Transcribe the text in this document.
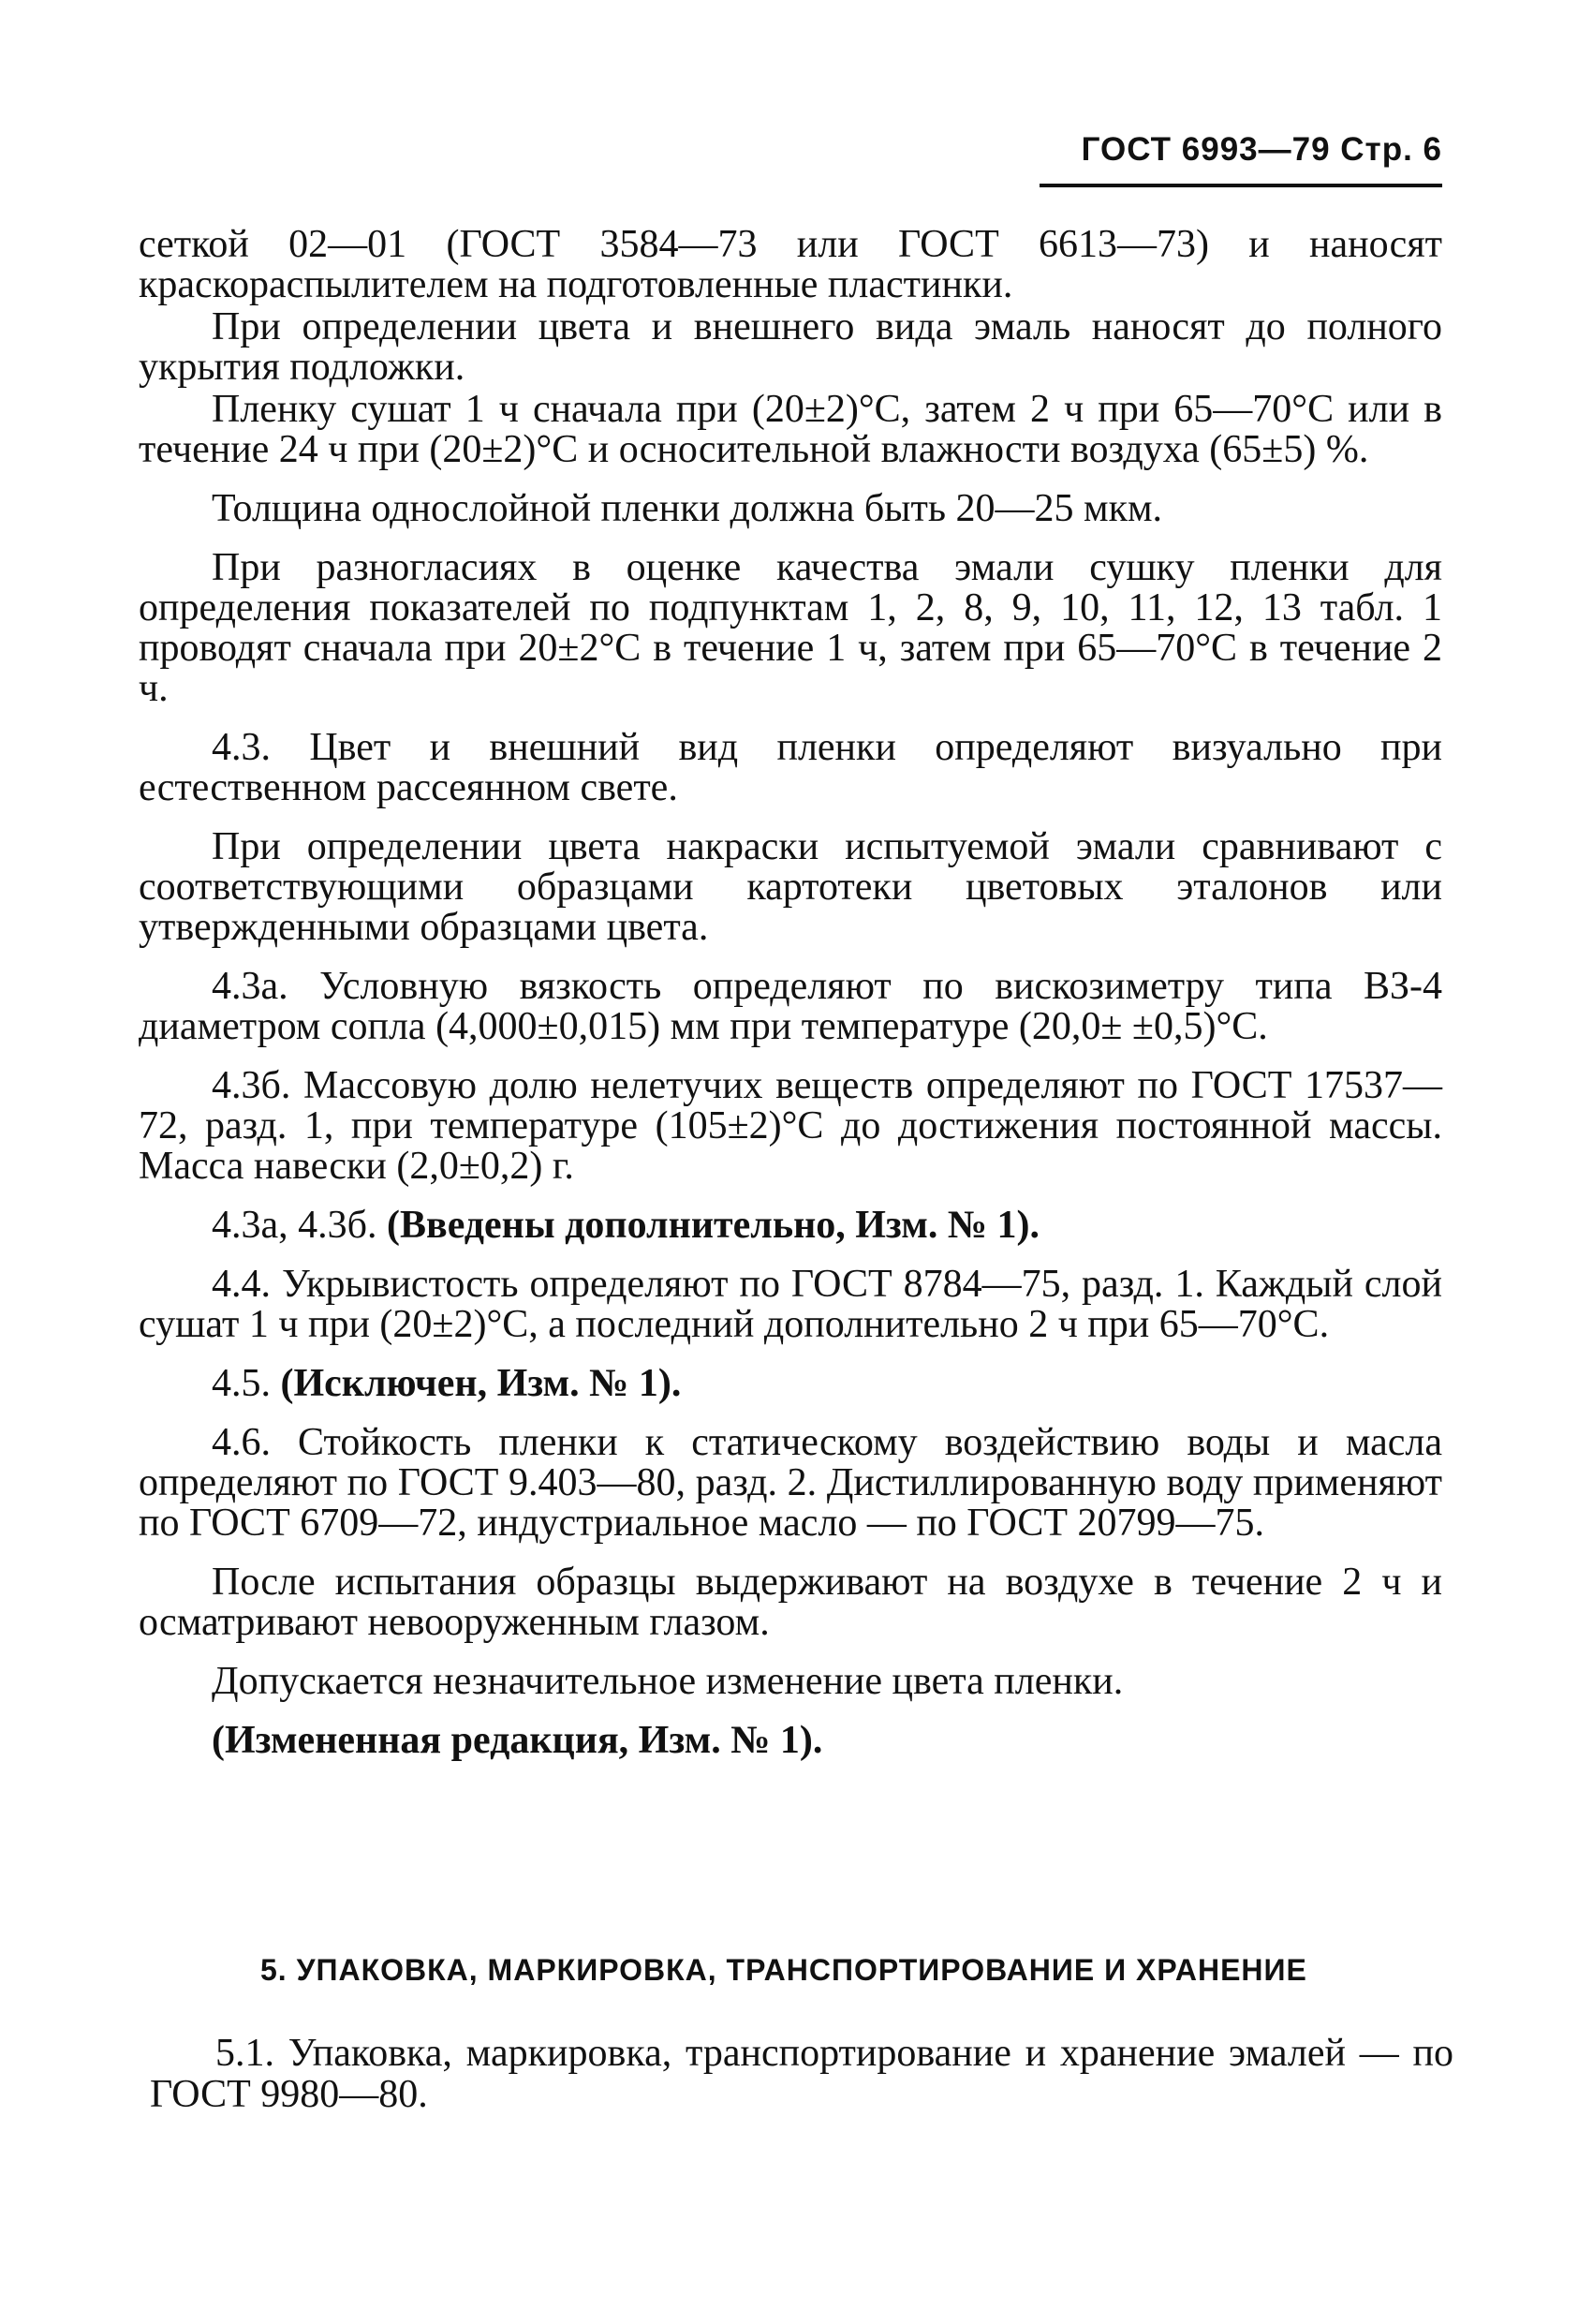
ГОСТ 6993—79 Стр. 6

сеткой 02—01 (ГОСТ 3584—73 или ГОСТ 6613—73) и наносят краскораспылителем на подготовленные пластинки.

При определении цвета и внешнего вида эмаль наносят до полного укрытия подложки.

Пленку сушат 1 ч сначала при (20±2)°С, затем 2 ч при 65—70°С или в течение 24 ч при (20±2)°С и осносительной влажности воздуха (65±5) %.

Толщина однослойной пленки должна быть 20—25 мкм.

При разногласиях в оценке качества эмали сушку пленки для определения показателей по подпунктам 1, 2, 8, 9, 10, 11, 12, 13 табл. 1 проводят сначала при 20±2°С в течение 1 ч, затем при 65—70°С в течение 2 ч.

4.3. Цвет и внешний вид пленки определяют визуально при естественном рассеянном свете.

При определении цвета накраски испытуемой эмали сравнивают с соответствующими образцами картотеки цветовых эталонов или утвержденными образцами цвета.

4.3а. Условную вязкость определяют по вискозиметру типа ВЗ-4 диаметром сопла (4,000±0,015) мм при температуре (20,0± ±0,5)°С.

4.3б. Массовую долю нелетучих веществ определяют по ГОСТ 17537—72, разд. 1, при температуре (105±2)°С до достижения постоянной массы. Масса навески (2,0±0,2) г.

4.3а, 4.3б. (Введены дополнительно, Изм. № 1).

4.4. Укрывистость определяют по ГОСТ 8784—75, разд. 1. Каждый слой сушат 1 ч при (20±2)°С, а последний дополнительно 2 ч при 65—70°С.

4.5. (Исключен, Изм. № 1).

4.6. Стойкость пленки к статическому воздействию воды и масла определяют по ГОСТ 9.403—80, разд. 2. Дистиллированную воду применяют по ГОСТ 6709—72, индустриальное масло — по ГОСТ 20799—75.

После испытания образцы выдерживают на воздухе в течение 2 ч и осматривают невооруженным глазом.

Допускается незначительное изменение цвета пленки.

(Измененная редакция, Изм. № 1).

5. УПАКОВКА, МАРКИРОВКА, ТРАНСПОРТИРОВАНИЕ И ХРАНЕНИЕ

5.1. Упаковка, маркировка, транспортирование и хранение эмалей — по ГОСТ 9980—80.
